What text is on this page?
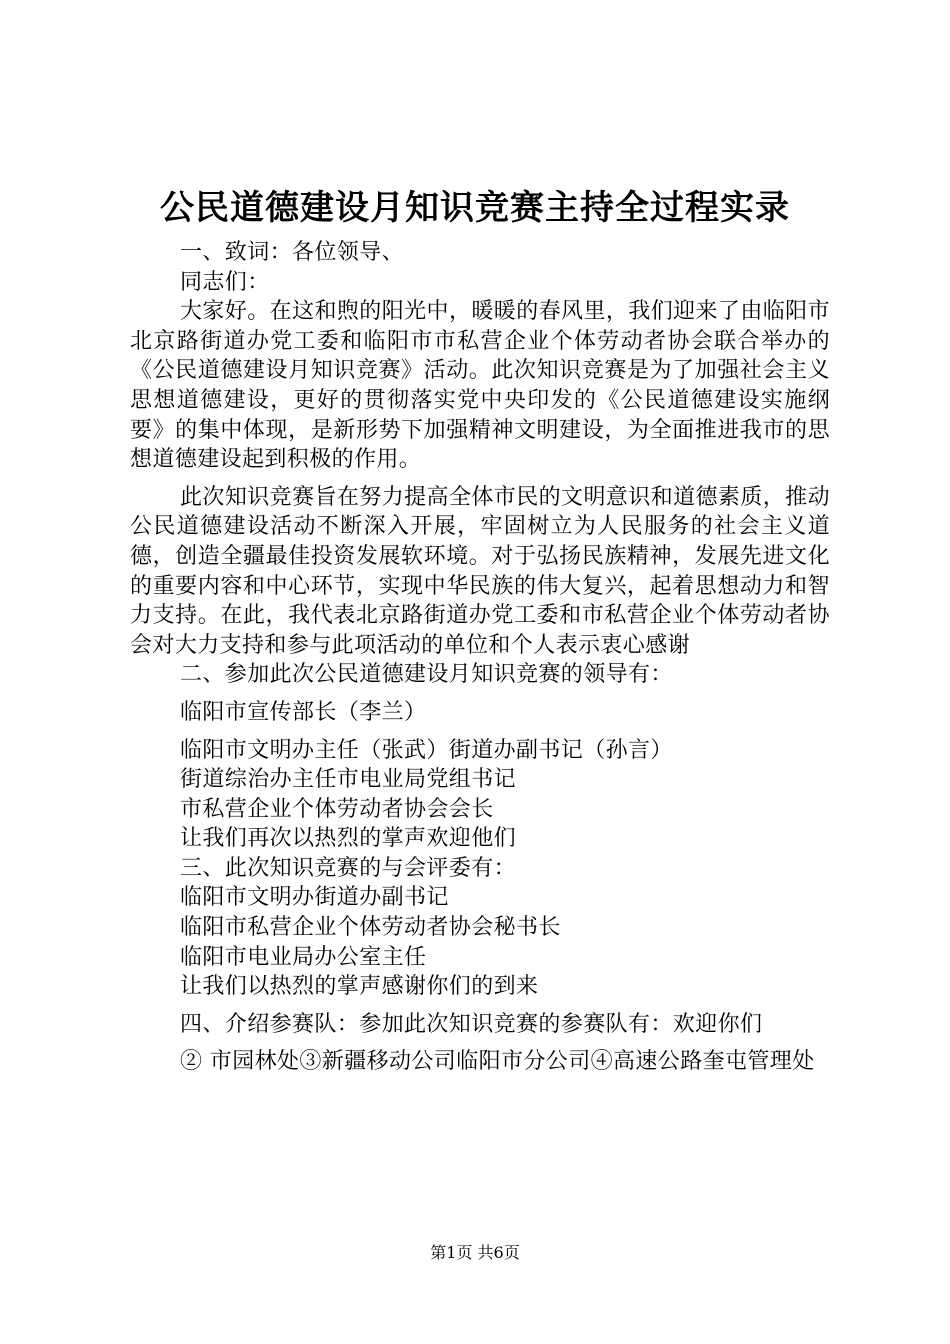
公民道德建设月知识竞赛主持全过程实录

一、致词：各位领导、

同志们：

大家好。在这和煦的阳光中，暖暖的春风里，我们迎来了由临阳市北京路街道办党工委和临阳市市私营企业个体劳动者协会联合举办的《公民道德建设月知识竞赛》活动。此次知识竞赛是为了加强社会主义思想道德建设，更好的贯彻落实党中央印发的《公民道德建设实施纲要》的集中体现，是新形势下加强精神文明建设，为全面推进我市的思想道德建设起到积极的作用。

此次知识竞赛旨在努力提高全体市民的文明意识和道德素质，推动公民道德建设活动不断深入开展，牢固树立为人民服务的社会主义道德，创造全疆最佳投资发展软环境。对于弘扬民族精神，发展先进文化的重要内容和中心环节，实现中华民族的伟大复兴，起着思想动力和智力支持。在此，我代表北京路街道办党工委和市私营企业个体劳动者协会对大力支持和参与此项活动的单位和个人表示衷心感谢

二、参加此次公民道德建设月知识竞赛的领导有：

临阳市宣传部长（李兰）

临阳市文明办主任（张武）街道办副书记（孙言）

街道综治办主任市电业局党组书记

市私营企业个体劳动者协会会长

让我们再次以热烈的掌声欢迎他们

三、此次知识竞赛的与会评委有：

临阳市文明办街道办副书记

临阳市私营企业个体劳动者协会秘书长

临阳市电业局办公室主任

让我们以热烈的掌声感谢你们的到来

四、介绍参赛队：参加此次知识竞赛的参赛队有：欢迎你们

② 市园林处③新疆移动公司临阳市分公司④高速公路奎屯管理处

第1页 共6页
